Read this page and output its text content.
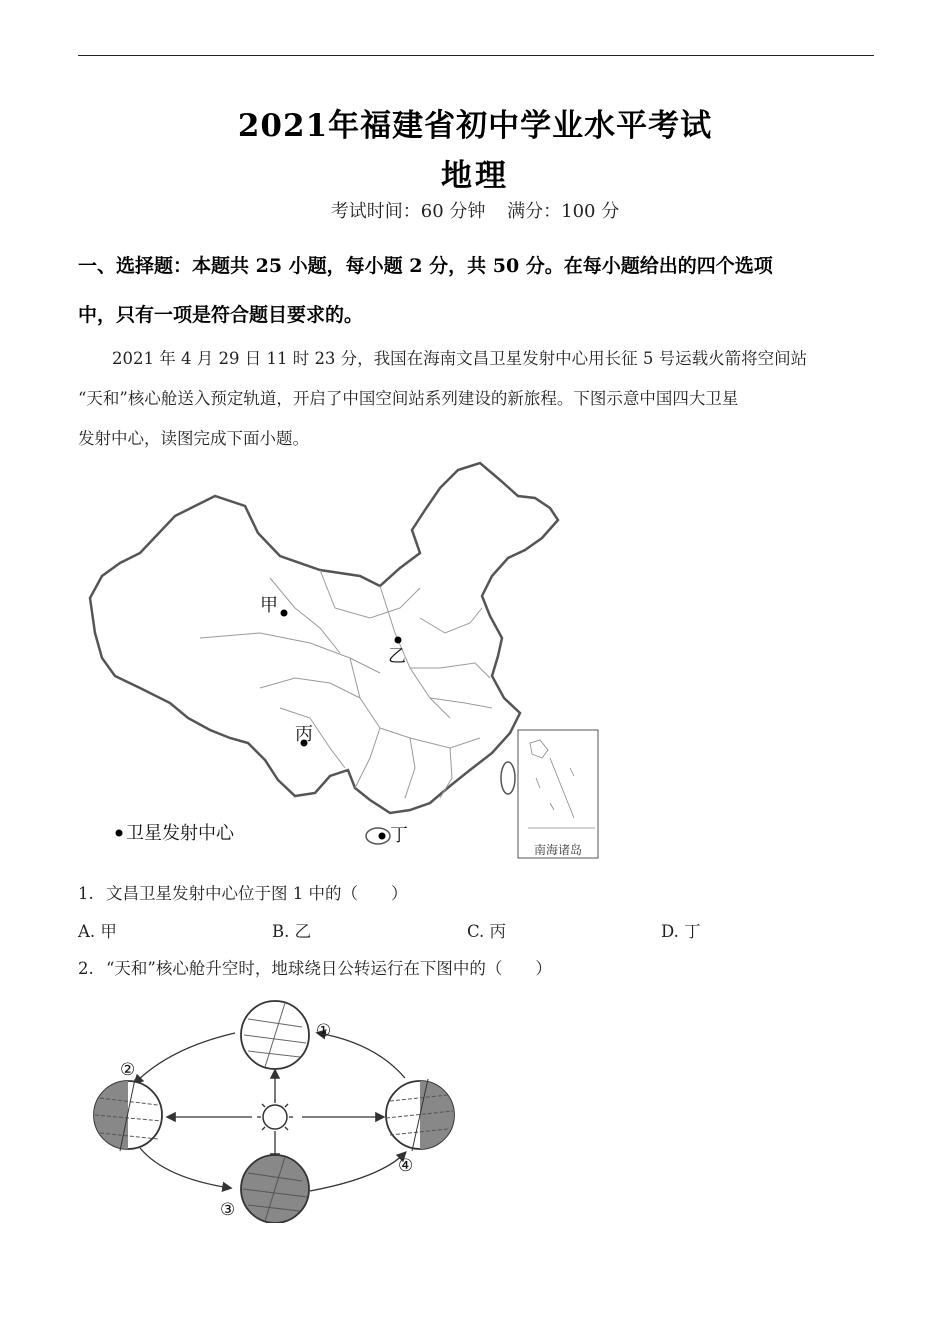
2021年福建省初中学业水平考试
地理
考试时间：60 分钟 满分：100 分
一、选择题：本题共 25 小题，每小题 2 分，共 50 分。在每小题给出的四个选项
中，只有一项是符合题目要求的。
2021 年 4 月 29 日 11 时 23 分，我国在海南文昌卫星发射中心用长征 5 号运载火箭将空间站
“天和”核心舱送入预定轨道，开启了中国空间站系列建设的新旅程。下图示意中国四大卫星
发射中心，读图完成下面小题。
南海诸岛
甲
乙
丙
丁
卫星发射中心
1. 文昌卫星发射中心位于图 1 中的（　　）
A. 甲	B. 乙	C. 丙	D. 丁
2. “天和”核心舱升空时，地球绕日公转运行在下图中的（　　）
①
②
③
④
